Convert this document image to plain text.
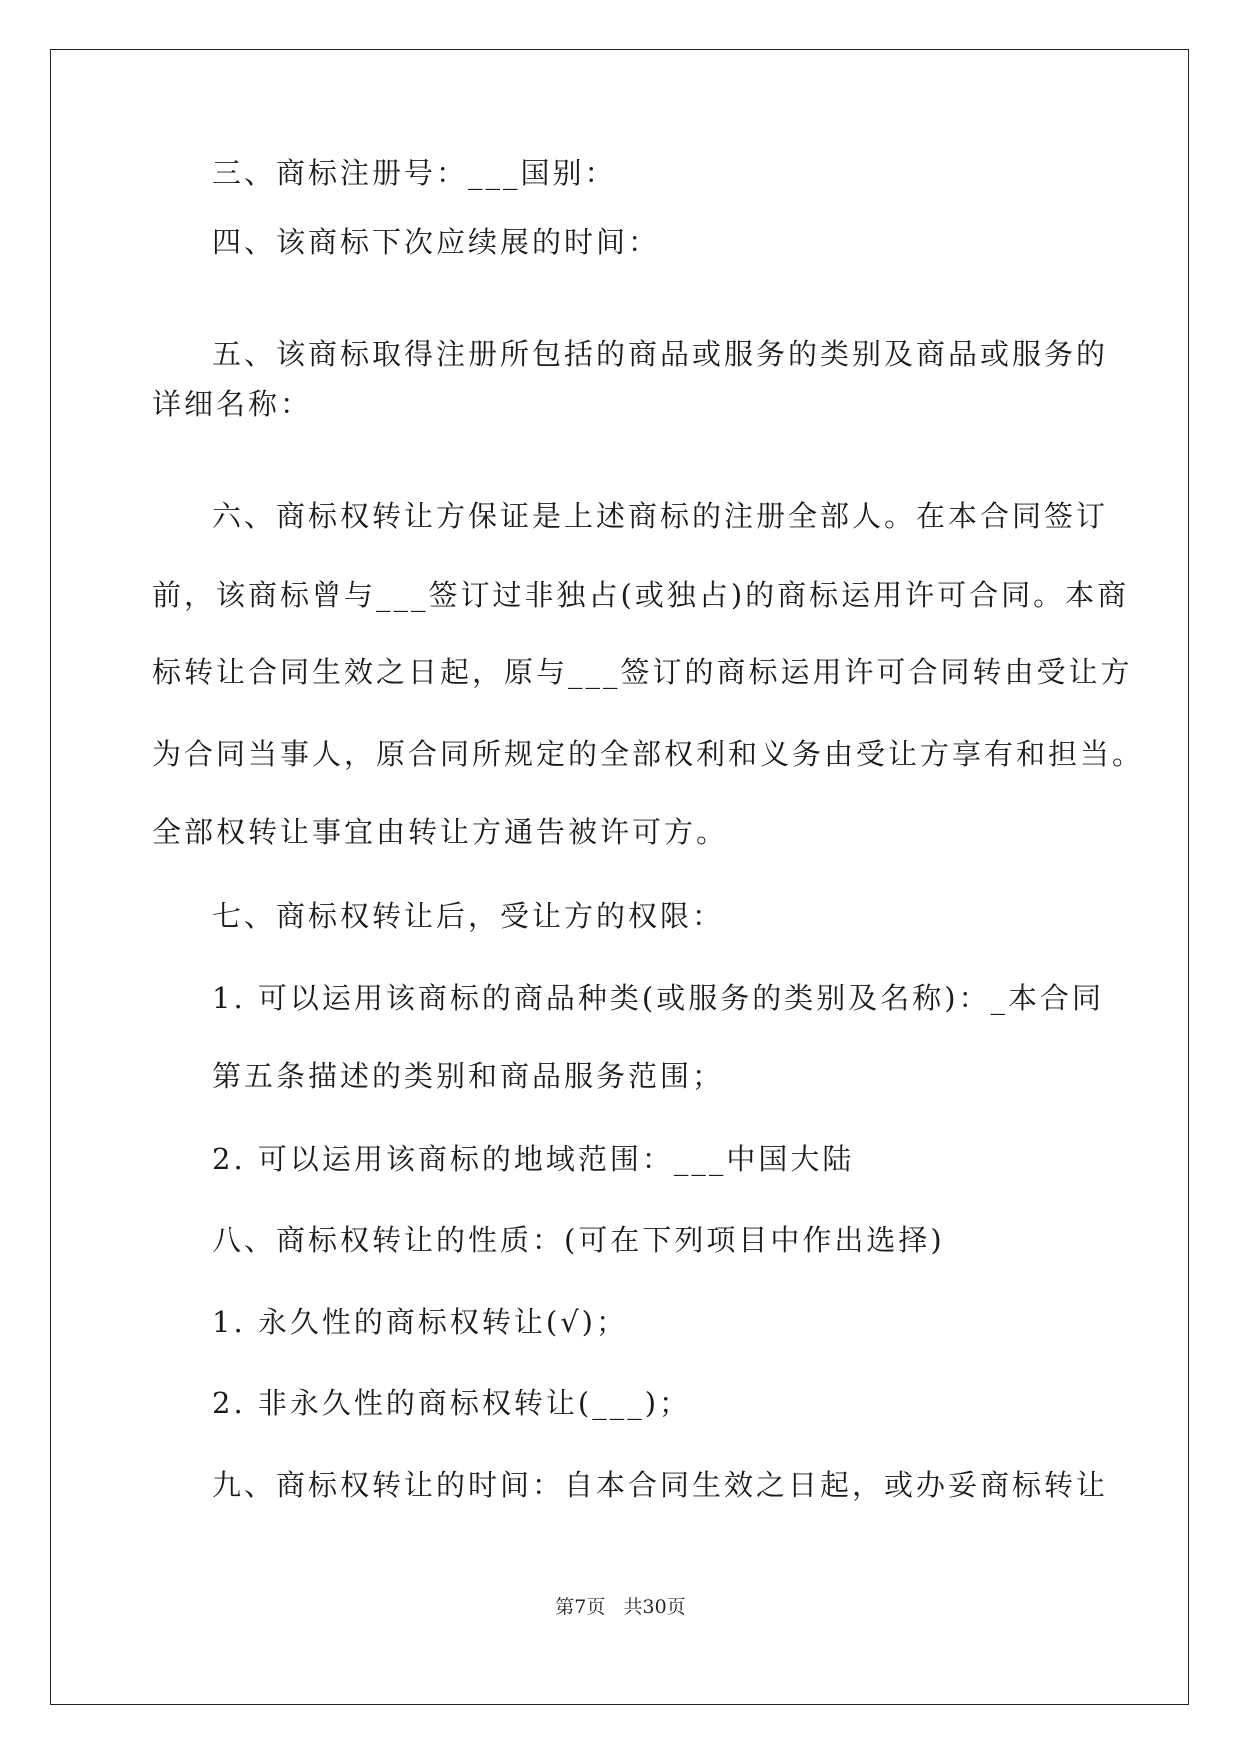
三、商标注册号：___国别：
四、该商标下次应续展的时间：
五、该商标取得注册所包括的商品或服务的类别及商品或服务的
详细名称：
六、商标权转让方保证是上述商标的注册全部人。在本合同签订
前，该商标曾与___签订过非独占(或独占)的商标运用许可合同。本商
标转让合同生效之日起，原与___签订的商标运用许可合同转由受让方
为合同当事人，原合同所规定的全部权利和义务由受让方享有和担当。
全部权转让事宜由转让方通告被许可方。
七、商标权转让后，受让方的权限：
1. 可以运用该商标的商品种类(或服务的类别及名称)：_本合同
第五条描述的类别和商品服务范围；
2. 可以运用该商标的地域范围：___中国大陆
八、商标权转让的性质：(可在下列项目中作出选择)
1. 永久性的商标权转让(√)；
2. 非永久性的商标权转让(___)；
九、商标权转让的时间：自本合同生效之日起，或办妥商标转让
第7页   共30页
